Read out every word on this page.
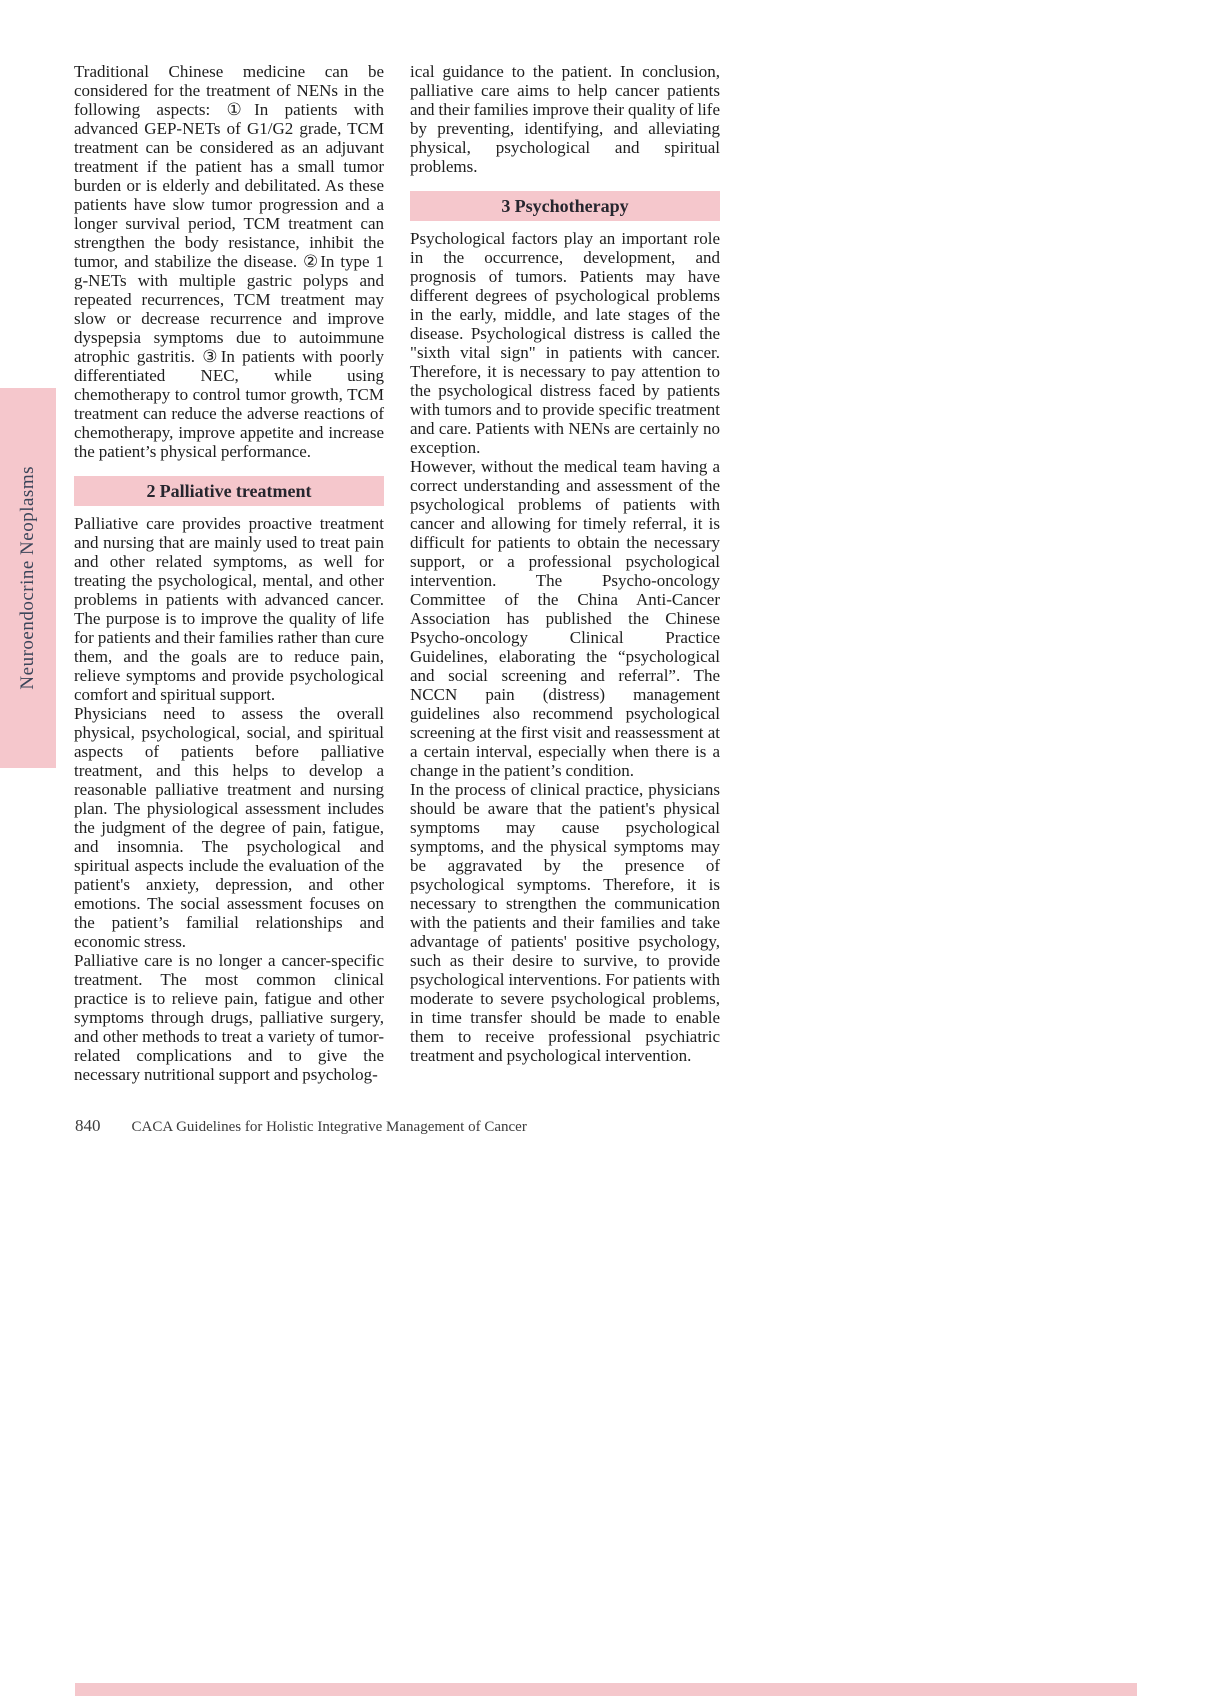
Neuroendocrine Neoplasms

Traditional Chinese medicine can be considered for the treatment of NENs in the following aspects: ①In patients with advanced GEP-NETs of G1/G2 grade, TCM treatment can be considered as an adjuvant treatment if the patient has a small tumor burden or is elderly and debilitated. As these patients have slow tumor progression and a longer survival period, TCM treatment can strengthen the body resistance, inhibit the tumor, and stabilize the disease. ②In type 1 g-NETs with multiple gastric polyps and repeated recurrences, TCM treatment may slow or decrease recurrence and improve dyspepsia symptoms due to autoimmune atrophic gastritis. ③In patients with poorly differentiated NEC, while using chemotherapy to control tumor growth, TCM treatment can reduce the adverse reactions of chemotherapy, improve appetite and increase the patient’s physical performance.

2 Palliative treatment

Palliative care provides proactive treatment and nursing that are mainly used to treat pain and other related symptoms, as well for treating the psychological, mental, and other problems in patients with advanced cancer. The purpose is to improve the quality of life for patients and their families rather than cure them, and the goals are to reduce pain, relieve symptoms and provide psychological comfort and spiritual support.

Physicians need to assess the overall physical, psychological, social, and spiritual aspects of patients before palliative treatment, and this helps to develop a reasonable palliative treatment and nursing plan. The physiological assessment includes the judgment of the degree of pain, fatigue, and insomnia. The psychological and spiritual aspects include the evaluation of the patient's anxiety, depression, and other emotions. The social assessment focuses on the patient’s familial relationships and economic stress.

Palliative care is no longer a cancer-specific treatment. The most common clinical practice is to relieve pain, fatigue and other symptoms through drugs, palliative surgery, and other methods to treat a variety of tumor-related complications and to give the necessary nutritional support and psycholog-

ical guidance to the patient. In conclusion, palliative care aims to help cancer patients and their families improve their quality of life by preventing, identifying, and alleviating physical, psychological and spiritual problems.

3 Psychotherapy

Psychological factors play an important role in the occurrence, development, and prognosis of tumors. Patients may have different degrees of psychological problems in the early, middle, and late stages of the disease. Psychological distress is called the "sixth vital sign" in patients with cancer. Therefore, it is necessary to pay attention to the psychological distress faced by patients with tumors and to provide specific treatment and care. Patients with NENs are certainly no exception.

However, without the medical team having a correct understanding and assessment of the psychological problems of patients with cancer and allowing for timely referral, it is difficult for patients to obtain the necessary support, or a professional psychological intervention. The Psycho-oncology Committee of the China Anti-Cancer Association has published the Chinese Psycho-oncology Clinical Practice Guidelines, elaborating the “psychological and social screening and referral”. The NCCN pain (distress) management guidelines also recommend psychological screening at the first visit and reassessment at a certain interval, especially when there is a change in the patient’s condition.

In the process of clinical practice, physicians should be aware that the patient's physical symptoms may cause psychological symptoms, and the physical symptoms may be aggravated by the presence of psychological symptoms. Therefore, it is necessary to strengthen the communication with the patients and their families and take advantage of patients' positive psychology, such as their desire to survive, to provide psychological interventions. For patients with moderate to severe psychological problems, in time transfer should be made to enable them to receive professional psychiatric treatment and psychological intervention.

840 CACA Guidelines for Holistic Integrative Management of Cancer
